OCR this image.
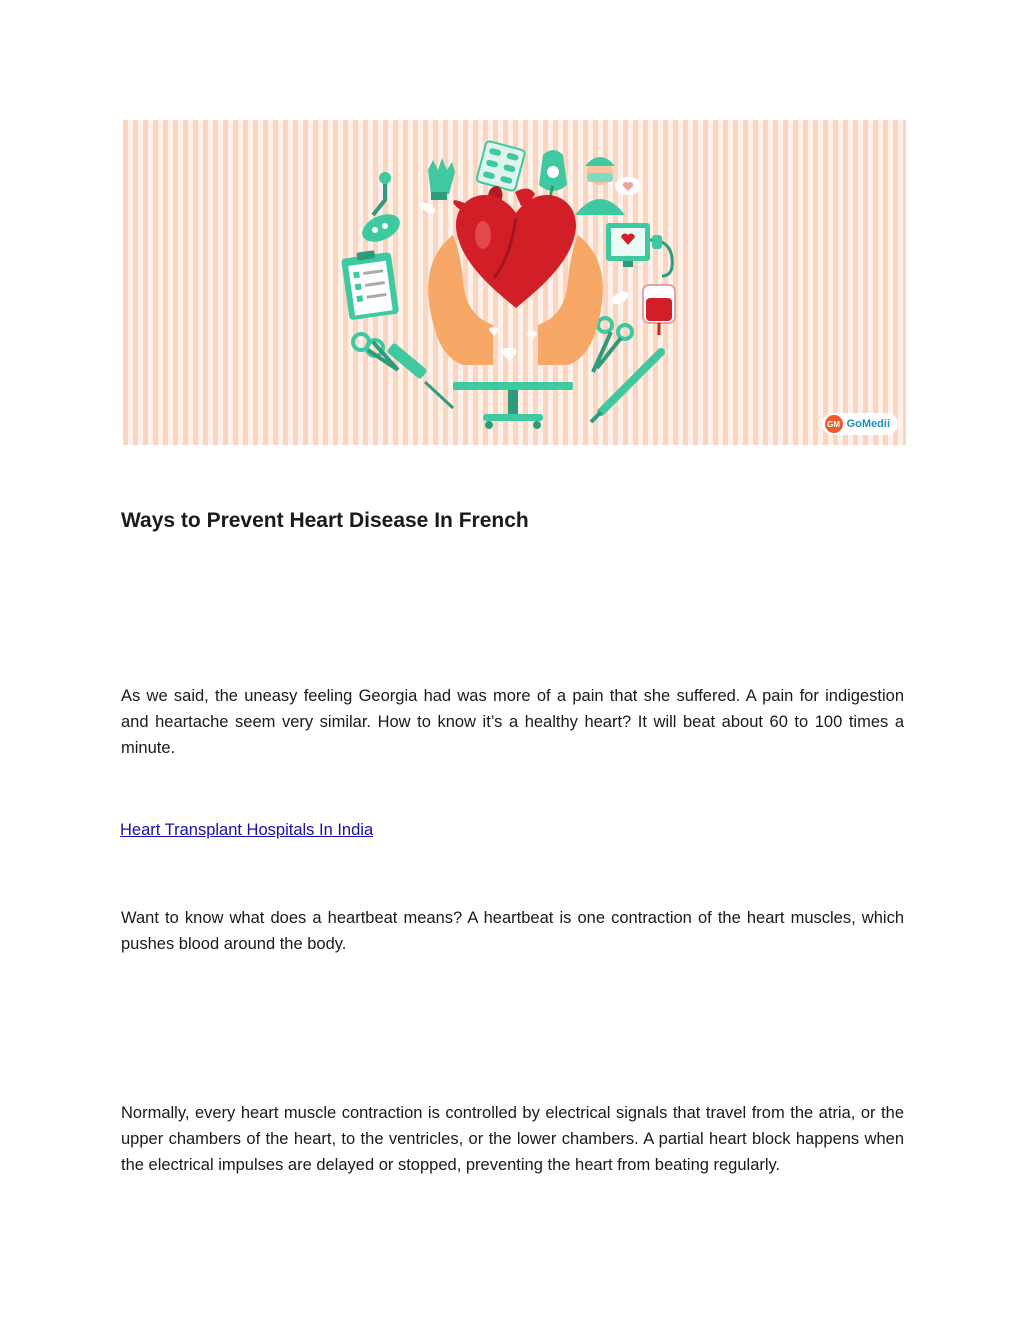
GM GoMedii
Ways to Prevent Heart Disease In French

As we said, the uneasy feeling Georgia had was more of a pain that she suffered. A pain for indigestion and heartache seem very similar. How to know it’s a healthy heart? It will beat about 60 to 100 times a minute.

Heart Transplant Hospitals In India

Want to know what does a heartbeat means? A heartbeat is one contraction of the heart muscles, which pushes blood around the body.

Normally, every heart muscle contraction is controlled by electrical signals that travel from the atria, or the upper chambers of the heart, to the ventricles, or the lower chambers. A partial heart block happens when the electrical impulses are delayed or stopped, preventing the heart from beating regularly.
